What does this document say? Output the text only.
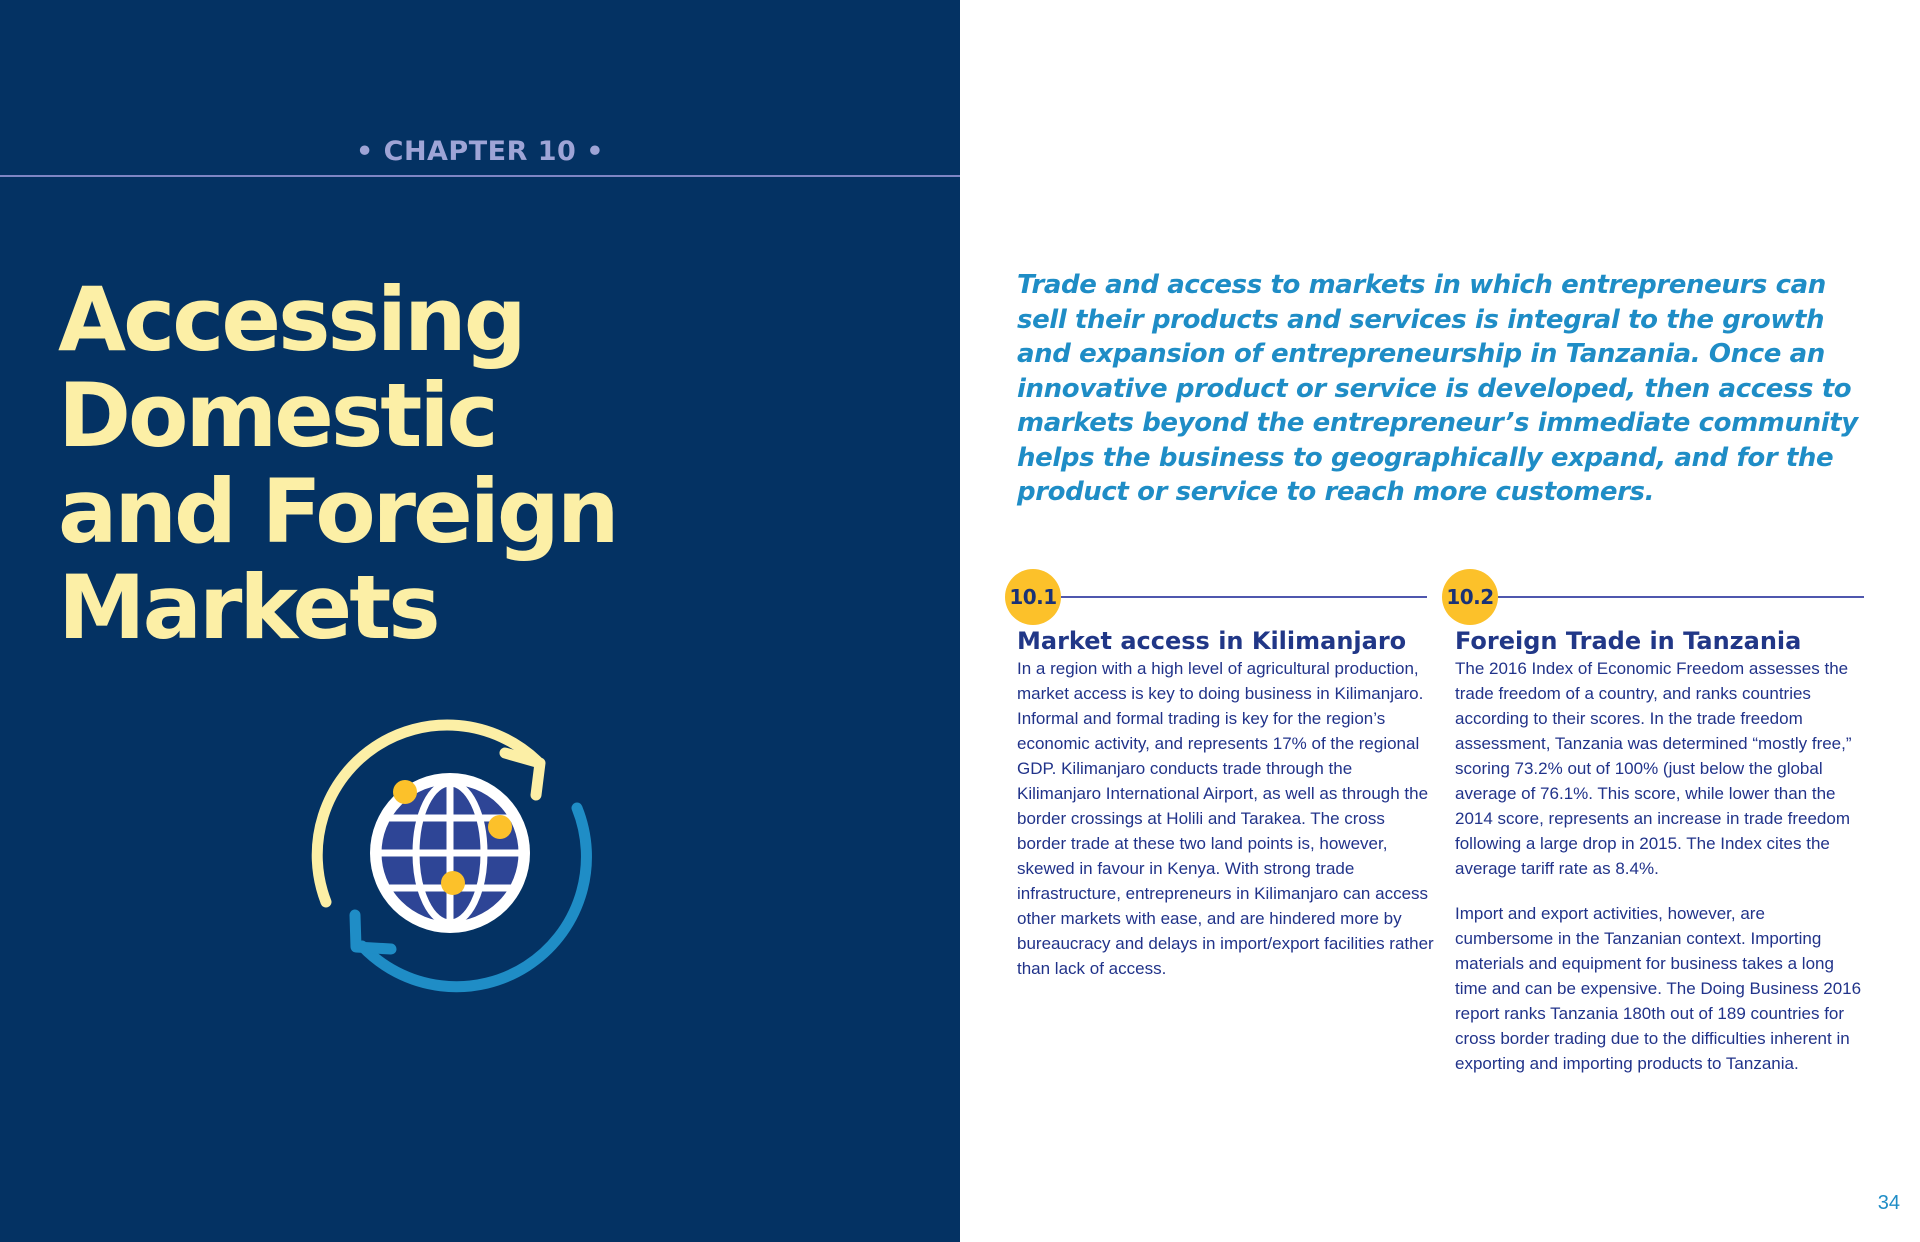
• CHAPTER 10 •
Accessing
Domestic
and Foreign
Markets

Trade and access to markets in which entrepreneurs can sell their products and services is integral to the growth and expansion of entrepreneurship in Tanzania. Once an innovative product or service is developed, then access to markets beyond the entrepreneur’s immediate community helps the business to geographically expand, and for the product or service to reach more customers.

10.1
Market access in Kilimanjaro

In a region with a high level of agricultural production, market access is key to doing business in Kilimanjaro. Informal and formal trading is key for the region’s economic activity, and represents 17% of the regional GDP. Kilimanjaro conducts trade through the Kilimanjaro International Airport, as well as through the border crossings at Holili and Tarakea. The cross border trade at these two land points is, however, skewed in favour in Kenya. With strong trade infrastructure, entrepreneurs in Kilimanjaro can access other markets with ease, and are hindered more by bureaucracy and delays in import/export facilities rather than lack of access.

10.2
Foreign Trade in Tanzania

The 2016 Index of Economic Freedom assesses the trade freedom of a country, and ranks countries according to their scores. In the trade freedom assessment, Tanzania was determined “mostly free,” scoring 73.2% out of 100% (just below the global average of 76.1%. This score, while lower than the 2014 score, represents an increase in trade freedom following a large drop in 2015. The Index cites the average tariff rate as 8.4%.

Import and export activities, however, are cumbersome in the Tanzanian context. Importing materials and equipment for business takes a long time and can be expensive. The Doing Business 2016 report ranks Tanzania 180th out of 189 countries for cross border trading due to the difficulties inherent in exporting and importing products to Tanzania.

34
